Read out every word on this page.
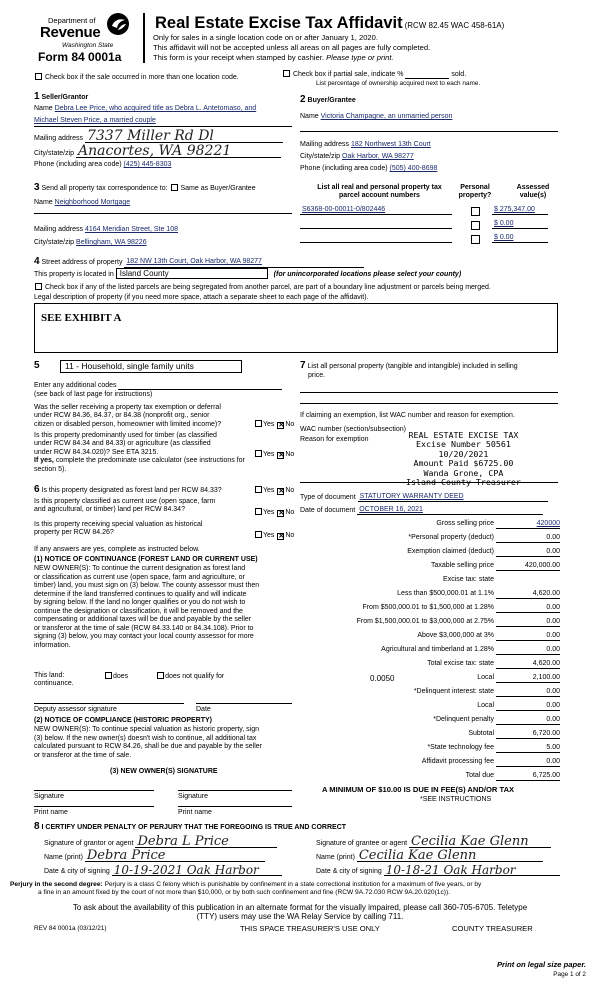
Department of
Revenue
Washington State
Form 84 0001a
Real Estate Excise Tax Affidavit (RCW 82.45 WAC 458-61A)
Only for sales in a single location code on or after January 1, 2020.
This affidavit will not be accepted unless all areas on all pages are fully completed.
This form is your receipt when stamped by cashier. Please type or print.
Check box if the sale occurred in more than one location code.	Check box if partial sale, indicate %	sold.
List percentage of ownership acquired next to each name.
1 Seller/Grantor
Name Debra Lee Price, who acquired title as Debra L. Antetomaso, and
Michael Steven Price, a married couple
Mailing address 7337 Miller Rd Dl
City/state/zip Anacortes, WA 98221
Phone (including area code) (425) 445-8303
2 Buyer/Grantee
Name Victoria Champagne, an unmarried person
Mailing address 182 Northwest 13th Court
City/state/zip Oak Harbor, WA 98277
Phone (including area code) (505) 400-8698
3 Send all property tax correspondence to: Same as Buyer/Grantee
Name Neighborhood Mortgage
Mailing address 4164 Meridian Street, Ste 108
City/state/zip Bellingham, WA 98226
List all real and personal property tax
parcel account numbers
Personal
property?
Assessed
value(s)
S6368-00-00011-0/802446	$ 275,347.00
$ 0.00
$ 0.00
4 Street address of property 182 NW 13th Court, Oak Harbor, WA 98277
This property is located in Island County	(for unincorporated locations please select your county)
Check box if any of the listed parcels are being segregated from another parcel, are part of a boundary line adjustment or parcels being merged.
Legal description of property (if you need more space, attach a separate sheet to each page of the affidavit).
SEE EXHIBIT A
5	11 - Household, single family units
Enter any additional codes
(see back of last page for instructions)
Was the seller receiving a property tax exemption or deferral
under RCW 84.36, 84.37, or 84.38 (nonprofit org., senior
citizen or disabled person, homeowner with limited income)?	Yes ✕ No
Is this property predominantly used for timber (as classified
under RCW 84.34 and 84.33) or agriculture (as classified
under RCW 84.34.020)? See ETA 3215.
If yes, complete the predominate use calculator (see instructions for
section 5).
Yes ✕ No
6 Is this property designated as forest land per RCW 84.33?	Yes ✕ No
Is this property classified as current use (open space, farm
and agricultural, or timber) land per RCW 84.34?	Yes ✕ No
Is this property receiving special valuation as historical
property per RCW 84.26?	Yes ✕ No
If any answers are yes, complete as instructed below.
(1) NOTICE OF CONTINUANCE (FOREST LAND OR CURRENT USE)
NEW OWNER(S): To continue the current designation as forest land
or classification as current use (open space, farm and agriculture, or
timber) land, you must sign on (3) below. The county assessor must then
determine if the land transferred continues to qualify and will indicate
by signing below. If the land no longer qualifies or you do not wish to
continue the designation or classification, it will be removed and the
compensating or additional taxes will be due and payable by the seller
or transferor at the time of sale (RCW 84.33.140 or 84.34.108). Prior to
signing (3) below, you may contact your local county assessor for more
information.
This land:
continuance.
does	does not qualify for
Deputy assessor signature	Date
(2) NOTICE OF COMPLIANCE (HISTORIC PROPERTY)
NEW OWNER(S): To continue special valuation as historic property, sign
(3) below. If the new owner(s) doesn't wish to continue, all additional tax
calculated pursuant to RCW 84.26, shall be due and payable by the seller
or transferor at the time of sale.
(3) NEW OWNER(S) SIGNATURE
Signature	Signature
Print name	Print name
7 List all personal property (tangible and intangible) included in selling
price.
If claiming an exemption, list WAC number and reason for exemption.
WAC number (section/subsection)
Reason for exemption	REAL ESTATE EXCISE TAX
Excise Number 50561
10/20/2021
Amount Paid $6725.00
Wanda Grone, CPA
Island County Treasurer
Type of document STATUTORY WARRANTY DEED
Date of document OCTOBER 16, 2021
Gross selling price	420000
*Personal property (deduct)	0.00
Exemption claimed (deduct)	0.00
Taxable selling price	420,000.00
Excise tax: state
Less than $500,000.01 at 1.1%	4,620.00
From $500,000.01 to $1,500,000 at 1.28%	0.00
From $1,500,000.01 to $3,000,000 at 2.75%	0.00
Above $3,000,000 at 3%	0.00
Agricultural and timberland at 1.28%	0.00
Total excise tax: state	4,620.00
0.0050	Local	2,100.00
*Delinquent interest: state	0.00
Local	0.00
*Delinquent penalty	0.00
Subtotal	6,720.00
*State technology fee	5.00
Affidavit processing fee	0.00
Total due	6,725.00
A MINIMUM OF $10.00 IS DUE IN FEE(S) AND/OR TAX
*SEE INSTRUCTIONS
8 I CERTIFY UNDER PENALTY OF PERJURY THAT THE FOREGOING IS TRUE AND CORRECT
Signature of grantor or agent Debra L Price
Name (print) Debra Price
Date & city of signing 10-19-2021 Oak Harbor
Signature of grantee or agent Cecilia Kae Glenn
Name (print) Cecilia Kae Glenn
Date & city of signing 10-18-21 Oak Harbor
Perjury in the second degree: Perjury is a class C felony which is punishable by confinement in a state correctional institution for a maximum of five years, or by
a fine in an amount fixed by the court of not more than $10,000, or by both such confinement and fine (RCW 9A.72.030 RCW 9A.20.020(1c)).
To ask about the availability of this publication in an alternate format for the visually impaired, please call 360-705-6705. Teletype
(TTY) users may use the WA Relay Service by calling 711.
REV 84 0001a (03/12/21)	THIS SPACE TREASURER'S USE ONLY	COUNTY TREASURER
Print on legal size paper.
Page 1 of 2
